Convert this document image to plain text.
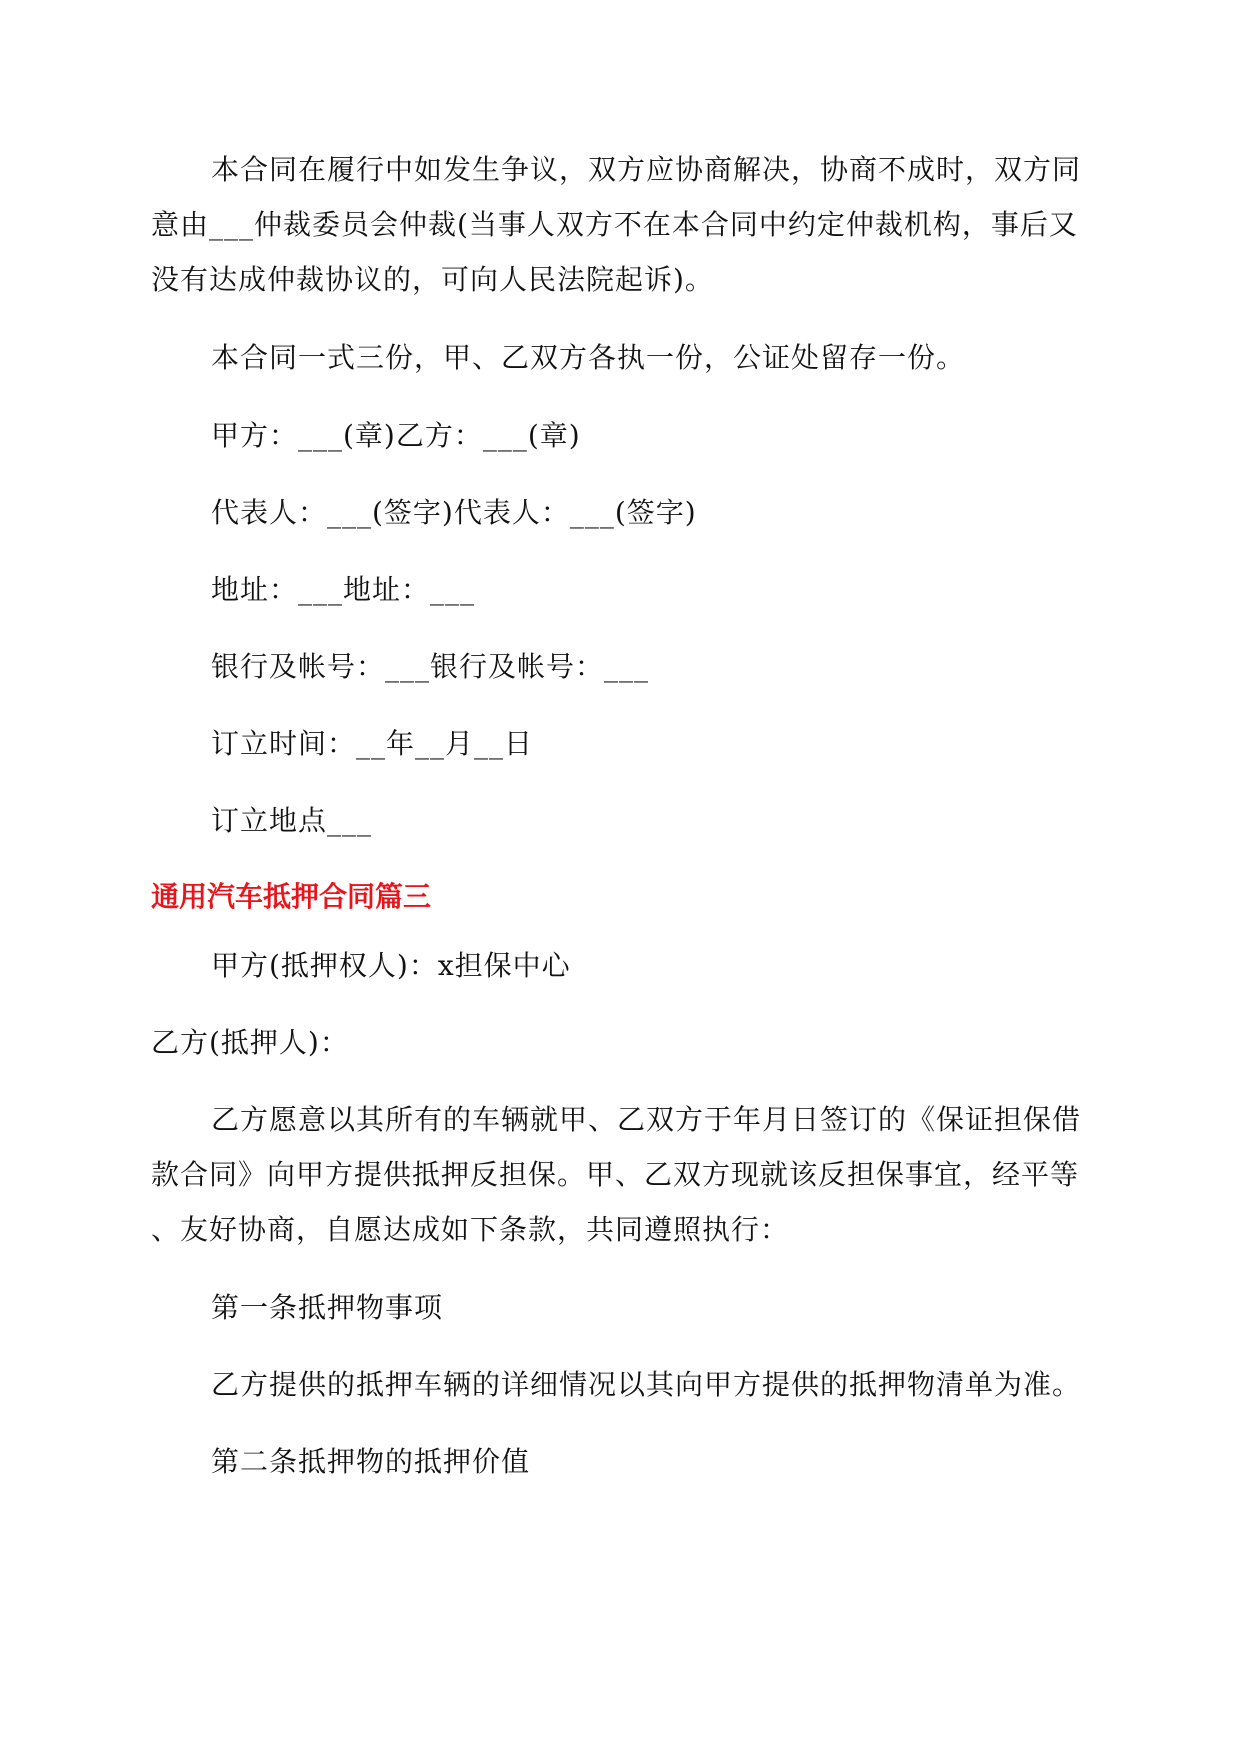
本合同在履行中如发生争议，双方应协商解决，协商不成时，双方同
意由___仲裁委员会仲裁(当事人双方不在本合同中约定仲裁机构，事后又
没有达成仲裁协议的，可向人民法院起诉)。
本合同一式三份，甲、乙双方各执一份，公证处留存一份。
甲方：___(章)乙方：___(章)
代表人：___(签字)代表人：___(签字)
地址：___地址：___
银行及帐号：___银行及帐号：___
订立时间：__年__月__日
订立地点___
通用汽车抵押合同篇三
甲方(抵押权人)：x担保中心
乙方(抵押人)：
乙方愿意以其所有的车辆就甲、乙双方于年月日签订的《保证担保借
款合同》向甲方提供抵押反担保。甲、乙双方现就该反担保事宜，经平等
、友好协商，自愿达成如下条款，共同遵照执行：
第一条抵押物事项
乙方提供的抵押车辆的详细情况以其向甲方提供的抵押物清单为准。
第二条抵押物的抵押价值
